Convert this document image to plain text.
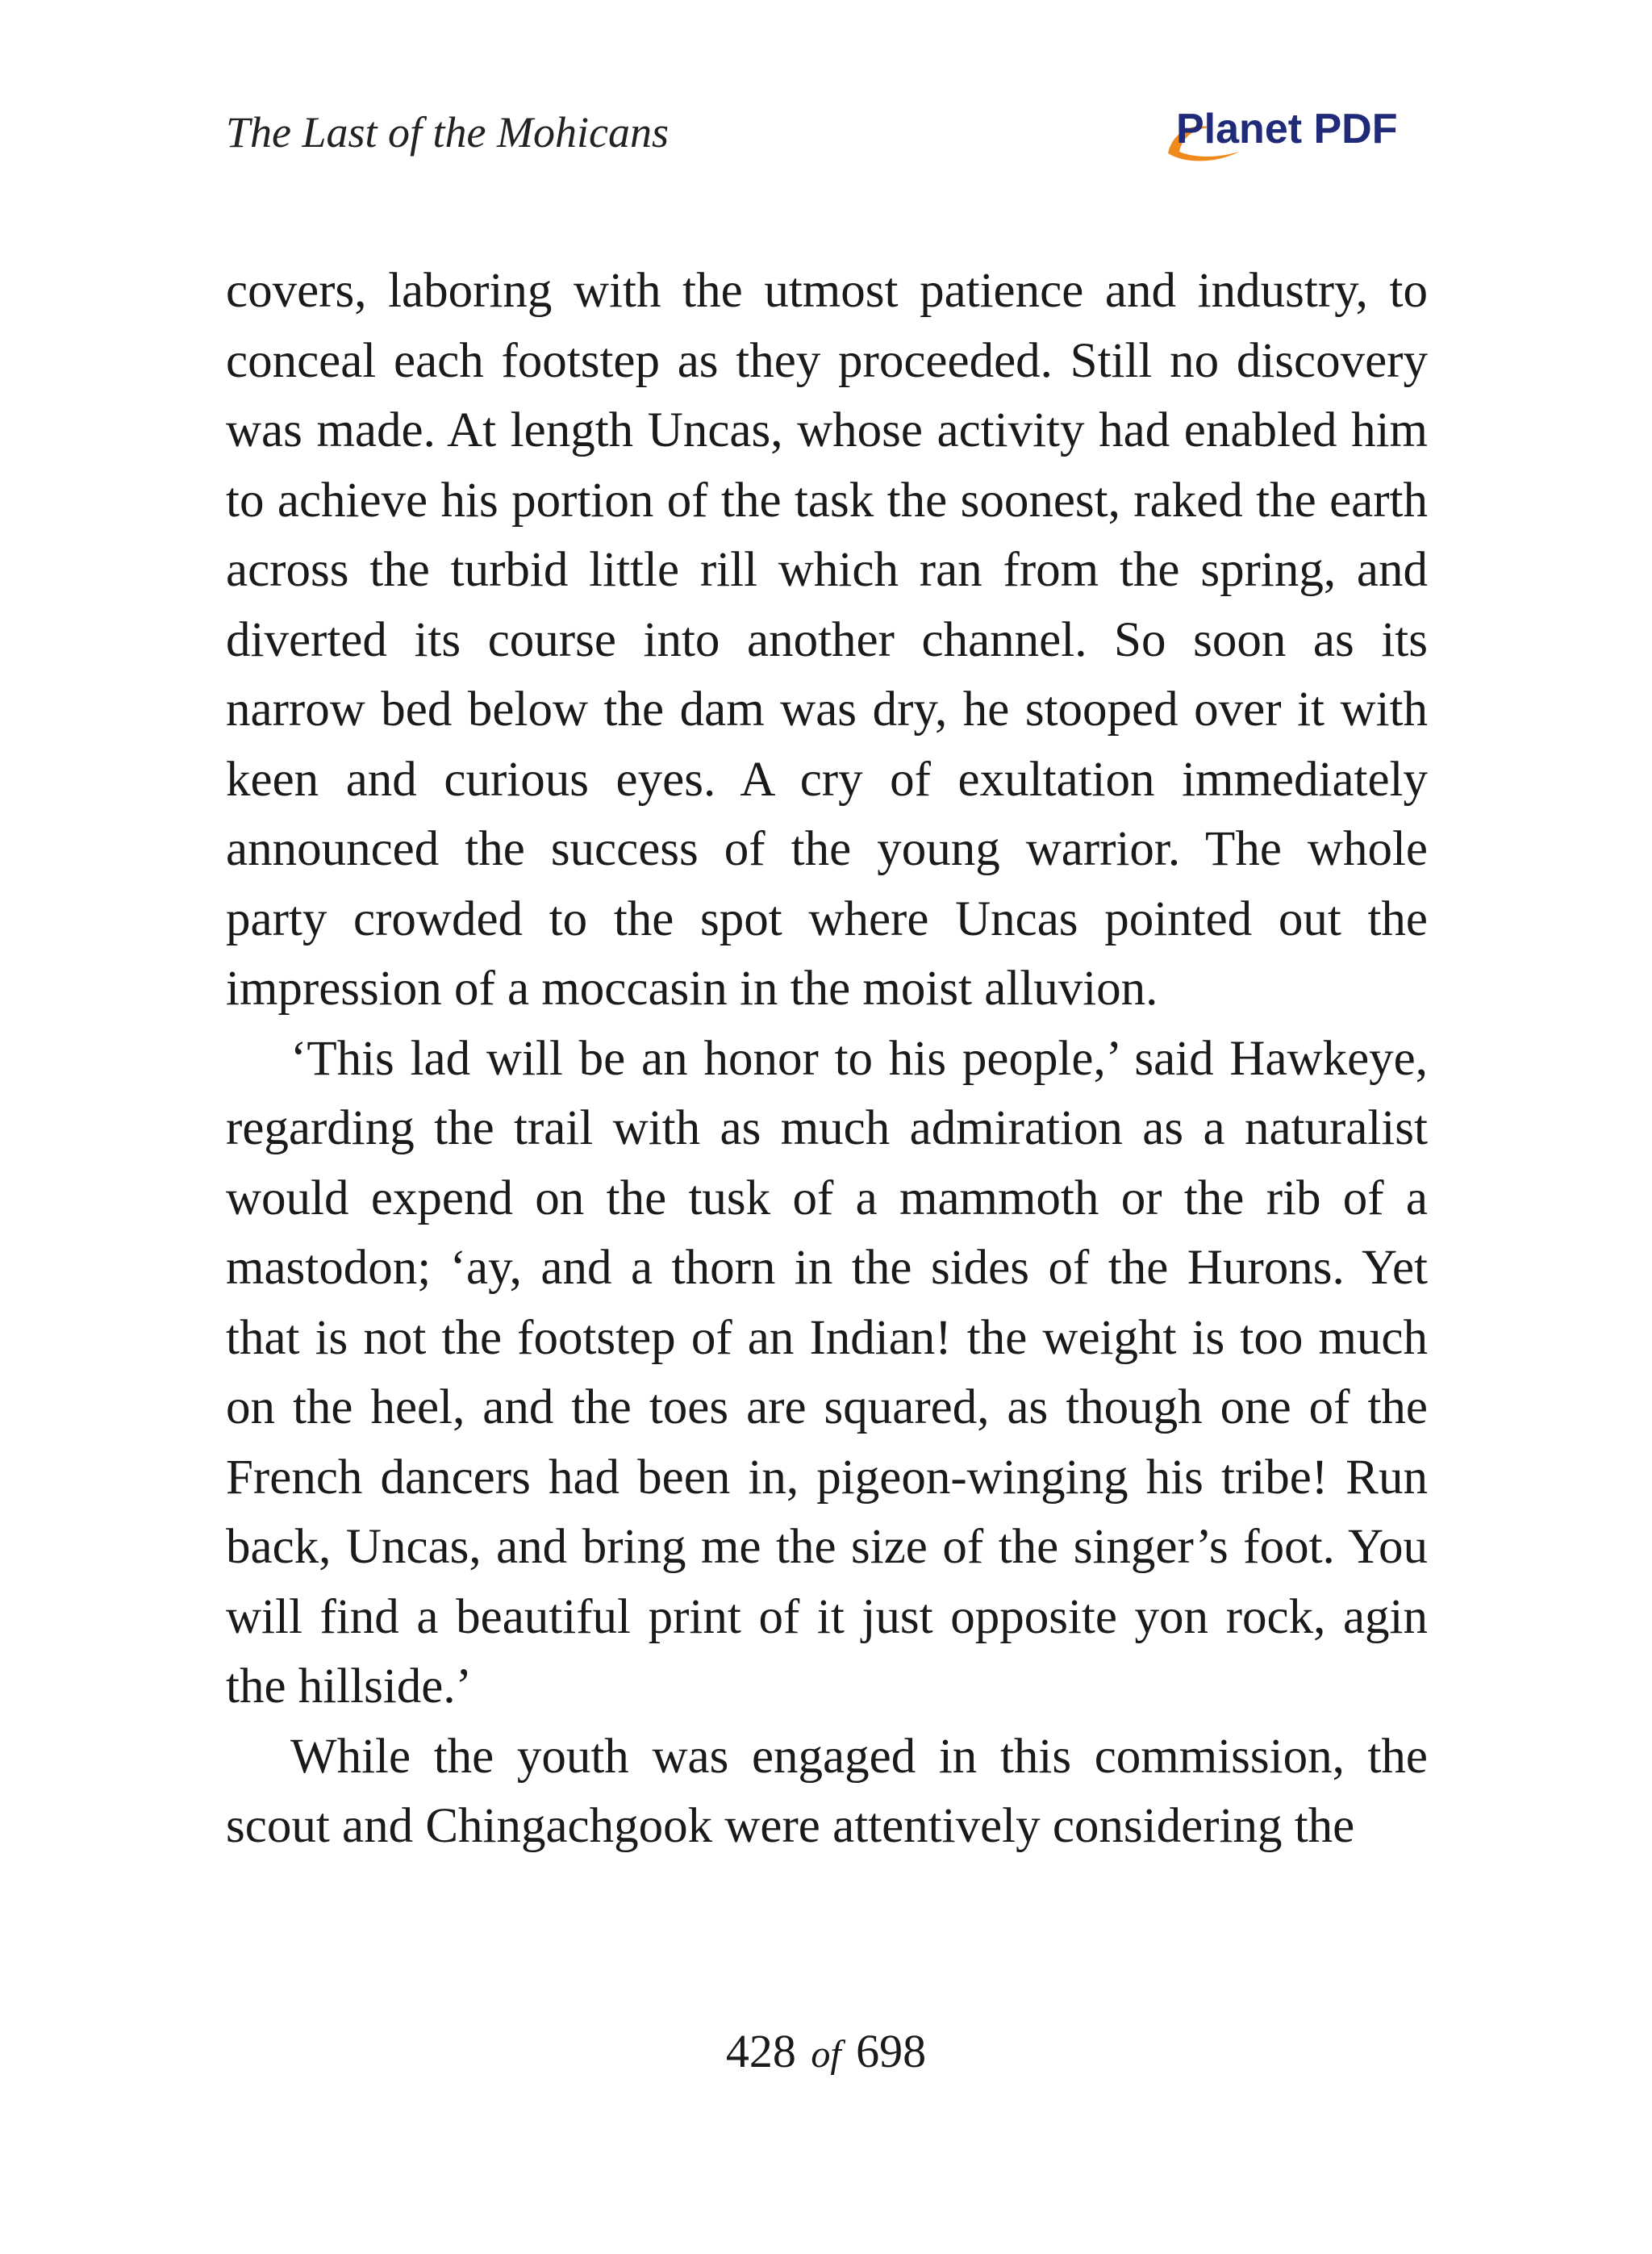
The Last of the Mohicans	Planet PDF

covers, laboring with the utmost patience and industry, to conceal each footstep as they proceeded. Still no discovery was made. At length Uncas, whose activity had enabled him to achieve his portion of the task the soonest, raked the earth across the turbid little rill which ran from the spring, and diverted its course into another channel. So soon as its narrow bed below the dam was dry, he stooped over it with keen and curious eyes. A cry of exultation immediately announced the success of the young warrior. The whole party crowded to the spot where Uncas pointed out the impression of a moccasin in the moist alluvion.

‘This lad will be an honor to his people,’ said Hawkeye, regarding the trail with as much admiration as a naturalist would expend on the tusk of a mammoth or the rib of a mastodon; ‘ay, and a thorn in the sides of the Hurons. Yet that is not the footstep of an Indian! the weight is too much on the heel, and the toes are squared, as though one of the French dancers had been in, pigeon-winging his tribe! Run back, Uncas, and bring me the size of the singer’s foot. You will find a beautiful print of it just opposite yon rock, agin the hillside.’

While the youth was engaged in this commission, the scout and Chingachgook were attentively considering the

428 of 698
